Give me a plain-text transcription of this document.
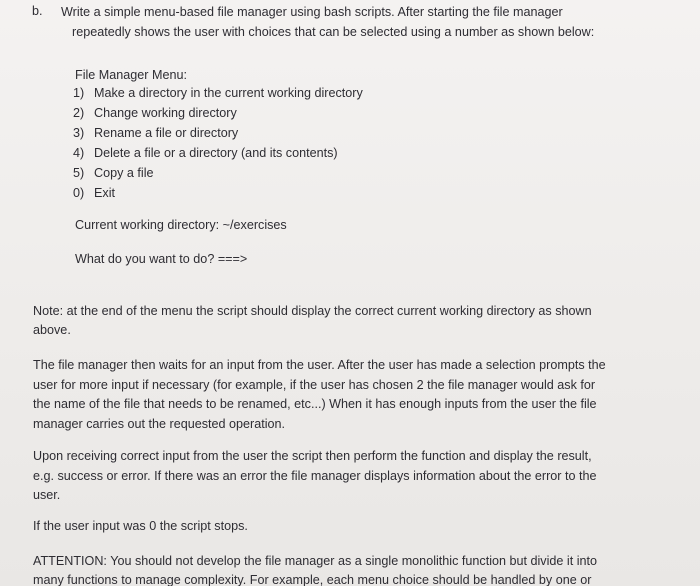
b. Write a simple menu-based file manager using bash scripts. After starting the file manager
repeatedly shows the user with choices that can be selected using a number as shown below:
File Manager Menu:
1) Make a directory in the current working directory
2) Change working directory
3) Rename a file or directory
4) Delete a file or a directory (and its contents)
5) Copy a file
0) Exit
Current working directory: ~/exercises
What do you want to do? ===>
Note: at the end of the menu the script should display the correct current working directory as shown
above.
The file manager then waits for an input from the user. After the user has made a selection prompts the
user for more input if necessary (for example, if the user has chosen 2 the file manager would ask for
the name of the file that needs to be renamed, etc...) When it has enough inputs from the user the file
manager carries out the requested operation.
Upon receiving correct input from the user the script then perform the function and display the result,
e.g. success or error. If there was an error the file manager displays information about the error to the
user.
If the user input was 0 the script stops.
ATTENTION: You should not develop the file manager as a single monolithic function but divide it into
many functions to manage complexity. For example, each menu choice should be handled by one or
